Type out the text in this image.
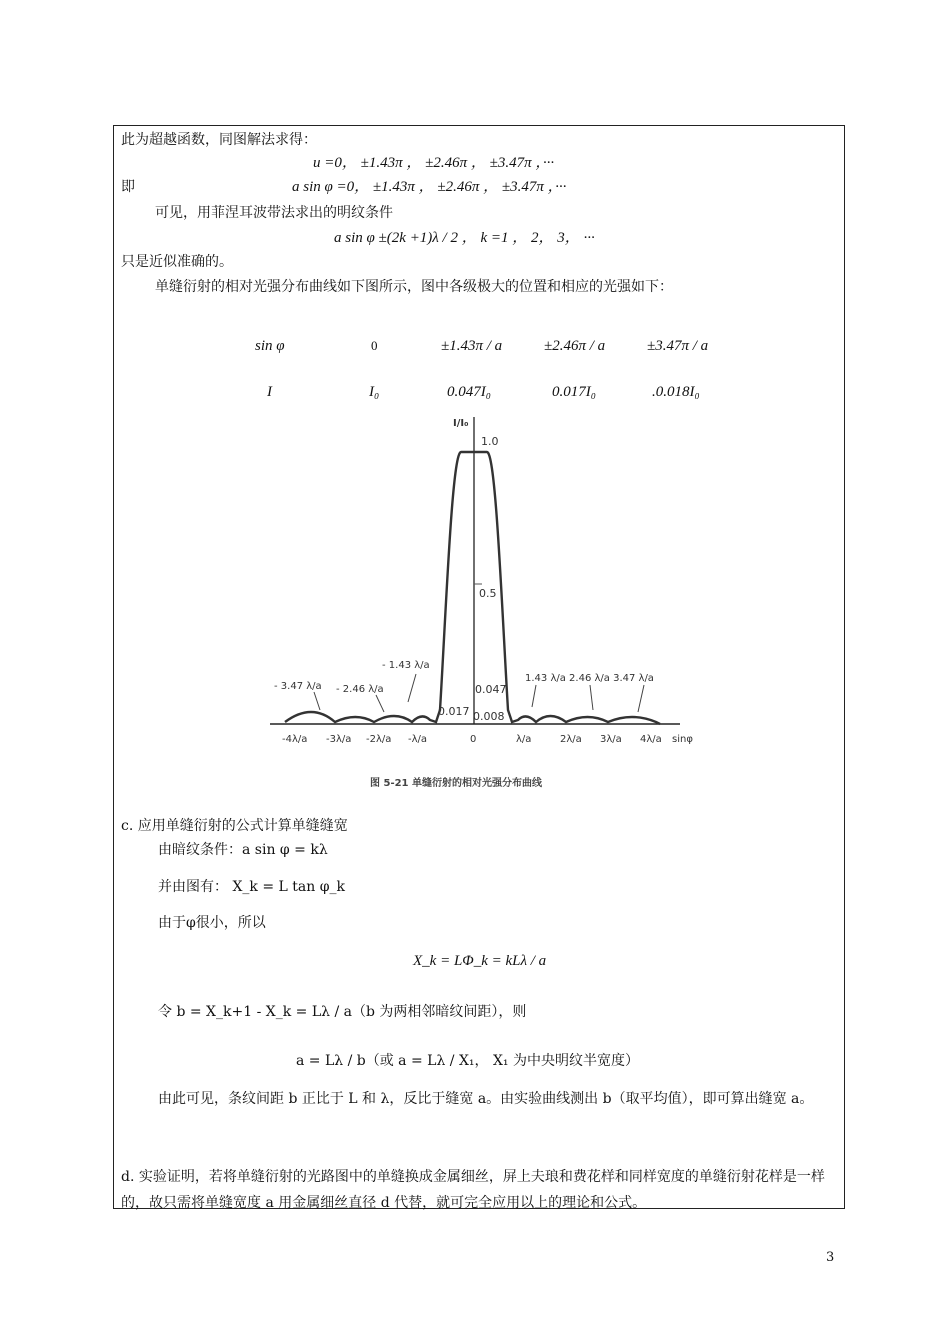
此为超越函数，同图解法求得：
u =0， ±1.43π ， ±2.46π ， ±3.47π ，···
即	a sin φ =0， ±1.43π ， ±2.46π ， ±3.47π ，···
可见，用菲涅耳波带法求出的明纹条件
a sin φ ±(2k +1)λ / 2 ， k =1 ， 2， 3， ···
只是近似准确的。
单缝衍射的相对光强分布曲线如下图所示，图中各级极大的位置和相应的光强如下：
sin φ	0	±1.43π / a	±2.46π / a	±3.47π / a
I	I₀	0.047I₀	0.017I₀	.0.018I₀
I/I₀
1.0
0.5
0.047
0.017 0.008
- 3.47 λ/a - 2.46 λ/a
- 1.43 λ/a
1.43 λ/a 2.46 λ/a 3.47 λ/a
-4λ/a -3λ/a -2λ/a -λ/a	0	λ/a	2λ/a 3λ/a 4λ/a sinφ
图 5-21 单缝衍射的相对光强分布曲线
c. 应用单缝衍射的公式计算单缝缝宽
由暗纹条件：a sin φ = kλ
并由图有： X_k = L tan φ_k
由于φ很小，所以
X_k = LΦ_k = kLλ / a
令 b = X_k+1 - X_k = Lλ / a（b 为两相邻暗纹间距），则
a = Lλ / b（或 a = Lλ / X₁， X₁ 为中央明纹半宽度）
由此可见，条纹间距 b 正比于 L 和 λ，反比于缝宽 a。由实验曲线测出 b（取平均值），即可算出缝宽 a。
d. 实验证明，若将单缝衍射的光路图中的单缝换成金属细丝，屏上夫琅和费花样和同样宽度的单缝衍射花样是一样的，故只需将单缝宽度 a 用金属细丝直径 d 代替，就可完全应用以上的理论和公式。
3
